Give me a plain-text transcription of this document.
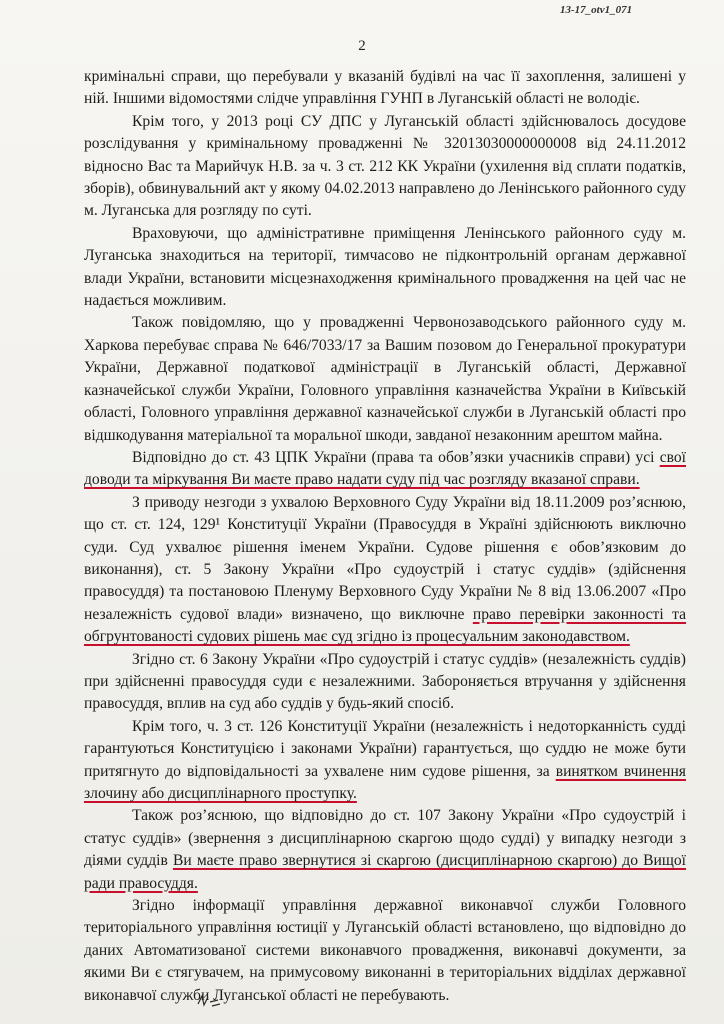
13-17_otv1_071
2

кримінальні справи, що перебували у вказаній будівлі на час її захоплення, залишені у ній. Іншими відомостями слідче управління ГУНП в Луганській області не володіє.

Крім того, у 2013 році СУ ДПС у Луганській області здійснювалось досудове розслідування у кримінальному провадженні № 32013030000000008 від 24.11.2012 відносно Вас та Марийчук Н.В. за ч. 3 ст. 212 КК України (ухилення від сплати податків, зборів), обвинувальний акт у якому 04.02.2013 направлено до Ленінського районного суду м. Луганська для розгляду по суті.

Враховуючи, що адміністративне приміщення Ленінського районного суду м. Луганська знаходиться на території, тимчасово не підконтрольній органам державної влади України, встановити місцезнаходження кримінального провадження на цей час не надається можливим.

Також повідомляю, що у провадженні Червонозаводського районного суду м. Харкова перебуває справа № 646/7033/17 за Вашим позовом до Генеральної прокуратури України, Державної податкової адміністрації в Луганській області, Державної казначейської служби України, Головного управління казначейства України в Київській області, Головного управління державної казначейської служби в Луганській області про відшкодування матеріальної та моральної шкоди, завданої незаконним арештом майна.

Відповідно до ст. 43 ЦПК України (права та обов’язки учасників справи) усі свої доводи та міркування Ви маєте право надати суду під час розгляду вказаної справи.

З приводу незгоди з ухвалою Верховного Суду України від 18.11.2009 роз’яснюю, що ст. ст. 124, 129¹ Конституції України (Правосуддя в Україні здійснюють виключно суди. Суд ухвалює рішення іменем України. Судове рішення є обов’язковим до виконання), ст. 5 Закону України «Про судоустрій і статус суддів» (здійснення правосуддя) та постановою Пленуму Верховного Суду України № 8 від 13.06.2007 «Про незалежність судової влади» визначено, що виключне право перевірки законності та обгрунтованості судових рішень має суд згідно із процесуальним законодавством.

Згідно ст. 6 Закону України «Про судоустрій і статус суддів» (незалежність суддів) при здійсненні правосуддя суди є незалежними. Забороняється втручання у здійснення правосуддя, вплив на суд або суддів у будь-який спосіб.

Крім того, ч. 3 ст. 126 Конституції України (незалежність і недоторканність судді гарантуються Конституцією і законами України) гарантується, що суддю не може бути притягнуто до відповідальності за ухвалене ним судове рішення, за винятком вчинення злочину або дисциплінарного проступку.

Також роз’яснюю, що відповідно до ст. 107 Закону України «Про судоустрій і статус суддів» (звернення з дисциплінарною скаргою щодо судді) у випадку незгоди з діями суддів Ви маєте право звернутися зі скаргою (дисциплінарною скаргою) до Вищої ради правосуддя.

Згідно інформації управління державної виконавчої служби Головного територіального управління юстиції у Луганській області встановлено, що відповідно до даних Автоматизованої системи виконавчого провадження, виконавчі документи, за якими Ви є стягувачем, на примусовому виконанні в територіальних відділах державної виконавчої служби Луганської області не перебувають.
